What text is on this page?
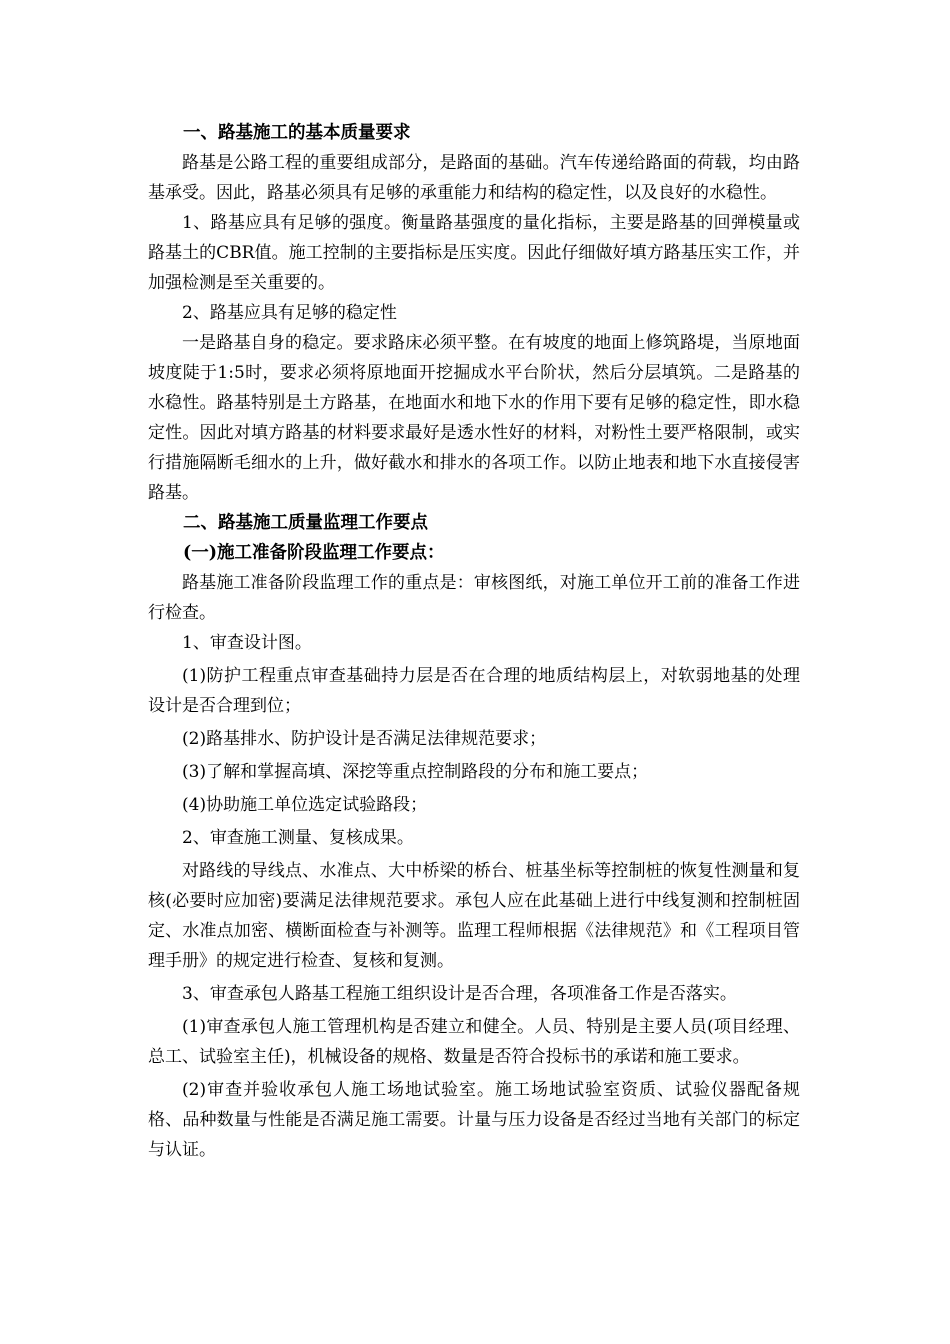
一、路基施工的基本质量要求

路基是公路工程的重要组成部分，是路面的基础。汽车传递给路面的荷载，均由路基承受。因此，路基必须具有足够的承重能力和结构的稳定性，以及良好的水稳性。

1、路基应具有足够的强度。衡量路基强度的量化指标，主要是路基的回弹模量或路基土的CBR值。施工控制的主要指标是压实度。因此仔细做好填方路基压实工作，并加强检测是至关重要的。

2、路基应具有足够的稳定性

一是路基自身的稳定。要求路床必须平整。在有坡度的地面上修筑路堤，当原地面坡度陡于1:5时，要求必须将原地面开挖掘成水平台阶状，然后分层填筑。二是路基的水稳性。路基特别是土方路基，在地面水和地下水的作用下要有足够的稳定性，即水稳定性。因此对填方路基的材料要求最好是透水性好的材料，对粉性土要严格限制，或实行措施隔断毛细水的上升，做好截水和排水的各项工作。以防止地表和地下水直接侵害路基。

二、路基施工质量监理工作要点

(一)施工准备阶段监理工作要点：

路基施工准备阶段监理工作的重点是：审核图纸，对施工单位开工前的准备工作进行检查。

1、审查设计图。

(1)防护工程重点审查基础持力层是否在合理的地质结构层上，对软弱地基的处理设计是否合理到位；

(2)路基排水、防护设计是否满足法律规范要求；

(3)了解和掌握高填、深挖等重点控制路段的分布和施工要点；

(4)协助施工单位选定试验路段；

2、审查施工测量、复核成果。

对路线的导线点、水准点、大中桥梁的桥台、桩基坐标等控制桩的恢复性测量和复核(必要时应加密)要满足法律规范要求。承包人应在此基础上进行中线复测和控制桩固定、水准点加密、横断面检查与补测等。监理工程师根据《法律规范》和《工程项目管理手册》的规定进行检查、复核和复测。

3、审查承包人路基工程施工组织设计是否合理，各项准备工作是否落实。

(1)审查承包人施工管理机构是否建立和健全。人员、特别是主要人员(项目经理、总工、试验室主任)，机械设备的规格、数量是否符合投标书的承诺和施工要求。

(2)审查并验收承包人施工场地试验室。施工场地试验室资质、试验仪器配备规格、品种数量与性能是否满足施工需要。计量与压力设备是否经过当地有关部门的标定与认证。
